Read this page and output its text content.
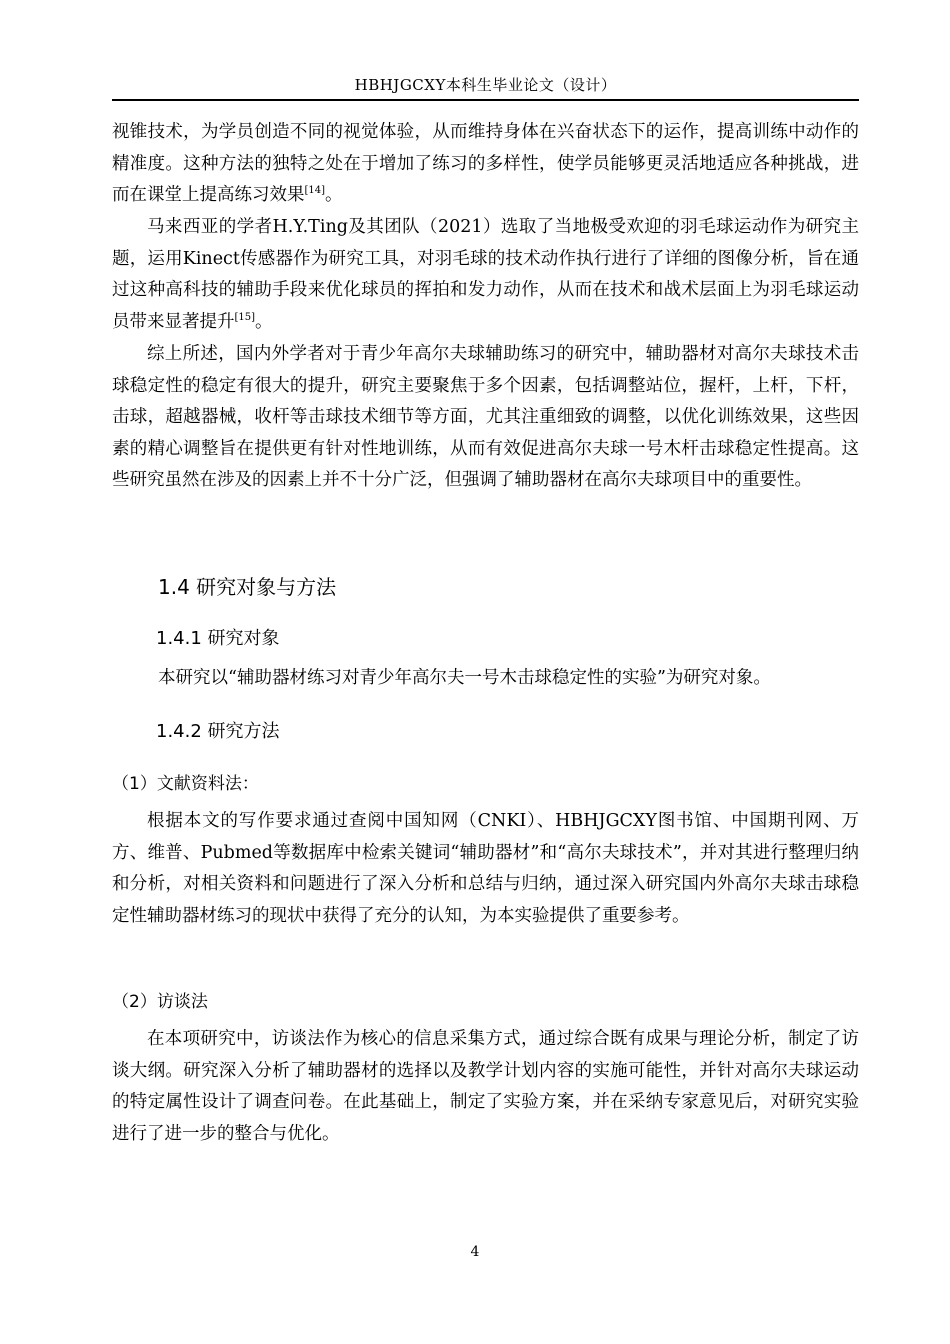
HBHJGCXY本科生毕业论文（设计）

视锥技术，为学员创造不同的视觉体验，从而维持身体在兴奋状态下的运作，提高训练中动作的精准度。这种方法的独特之处在于增加了练习的多样性，使学员能够更灵活地适应各种挑战，进而在课堂上提高练习效果[14]。

马来西亚的学者H.Y.Ting及其团队（2021）选取了当地极受欢迎的羽毛球运动作为研究主题，运用Kinect传感器作为研究工具，对羽毛球的技术动作执行进行了详细的图像分析，旨在通过这种高科技的辅助手段来优化球员的挥拍和发力动作，从而在技术和战术层面上为羽毛球运动员带来显著提升[15]。

综上所述，国内外学者对于青少年高尔夫球辅助练习的研究中，辅助器材对高尔夫球技术击球稳定性的稳定有很大的提升，研究主要聚焦于多个因素，包括调整站位，握杆，上杆，下杆，击球，超越器械，收杆等击球技术细节等方面，尤其注重细致的调整，以优化训练效果，这些因素的精心调整旨在提供更有针对性地训练，从而有效促进高尔夫球一号木杆击球稳定性提高。这些研究虽然在涉及的因素上并不十分广泛，但强调了辅助器材在高尔夫球项目中的重要性。

1.4 研究对象与方法
1.4.1 研究对象
本研究以“辅助器材练习对青少年高尔夫一号木击球稳定性的实验”为研究对象。
1.4.2 研究方法
（1）文献资料法：

根据本文的写作要求通过查阅中国知网（CNKI）、HBHJGCXY图书馆、中国期刊网、万方、维普、Pubmed等数据库中检索关键词“辅助器材”和“高尔夫球技术”，并对其进行整理归纳和分析，对相关资料和问题进行了深入分析和总结与归纳，通过深入研究国内外高尔夫球击球稳定性辅助器材练习的现状中获得了充分的认知，为本实验提供了重要参考。

（2）访谈法

在本项研究中，访谈法作为核心的信息采集方式，通过综合既有成果与理论分析，制定了访谈大纲。研究深入分析了辅助器材的选择以及教学计划内容的实施可能性，并针对高尔夫球运动的特定属性设计了调查问卷。在此基础上，制定了实验方案，并在采纳专家意见后，对研究实验进行了进一步的整合与优化。

4
